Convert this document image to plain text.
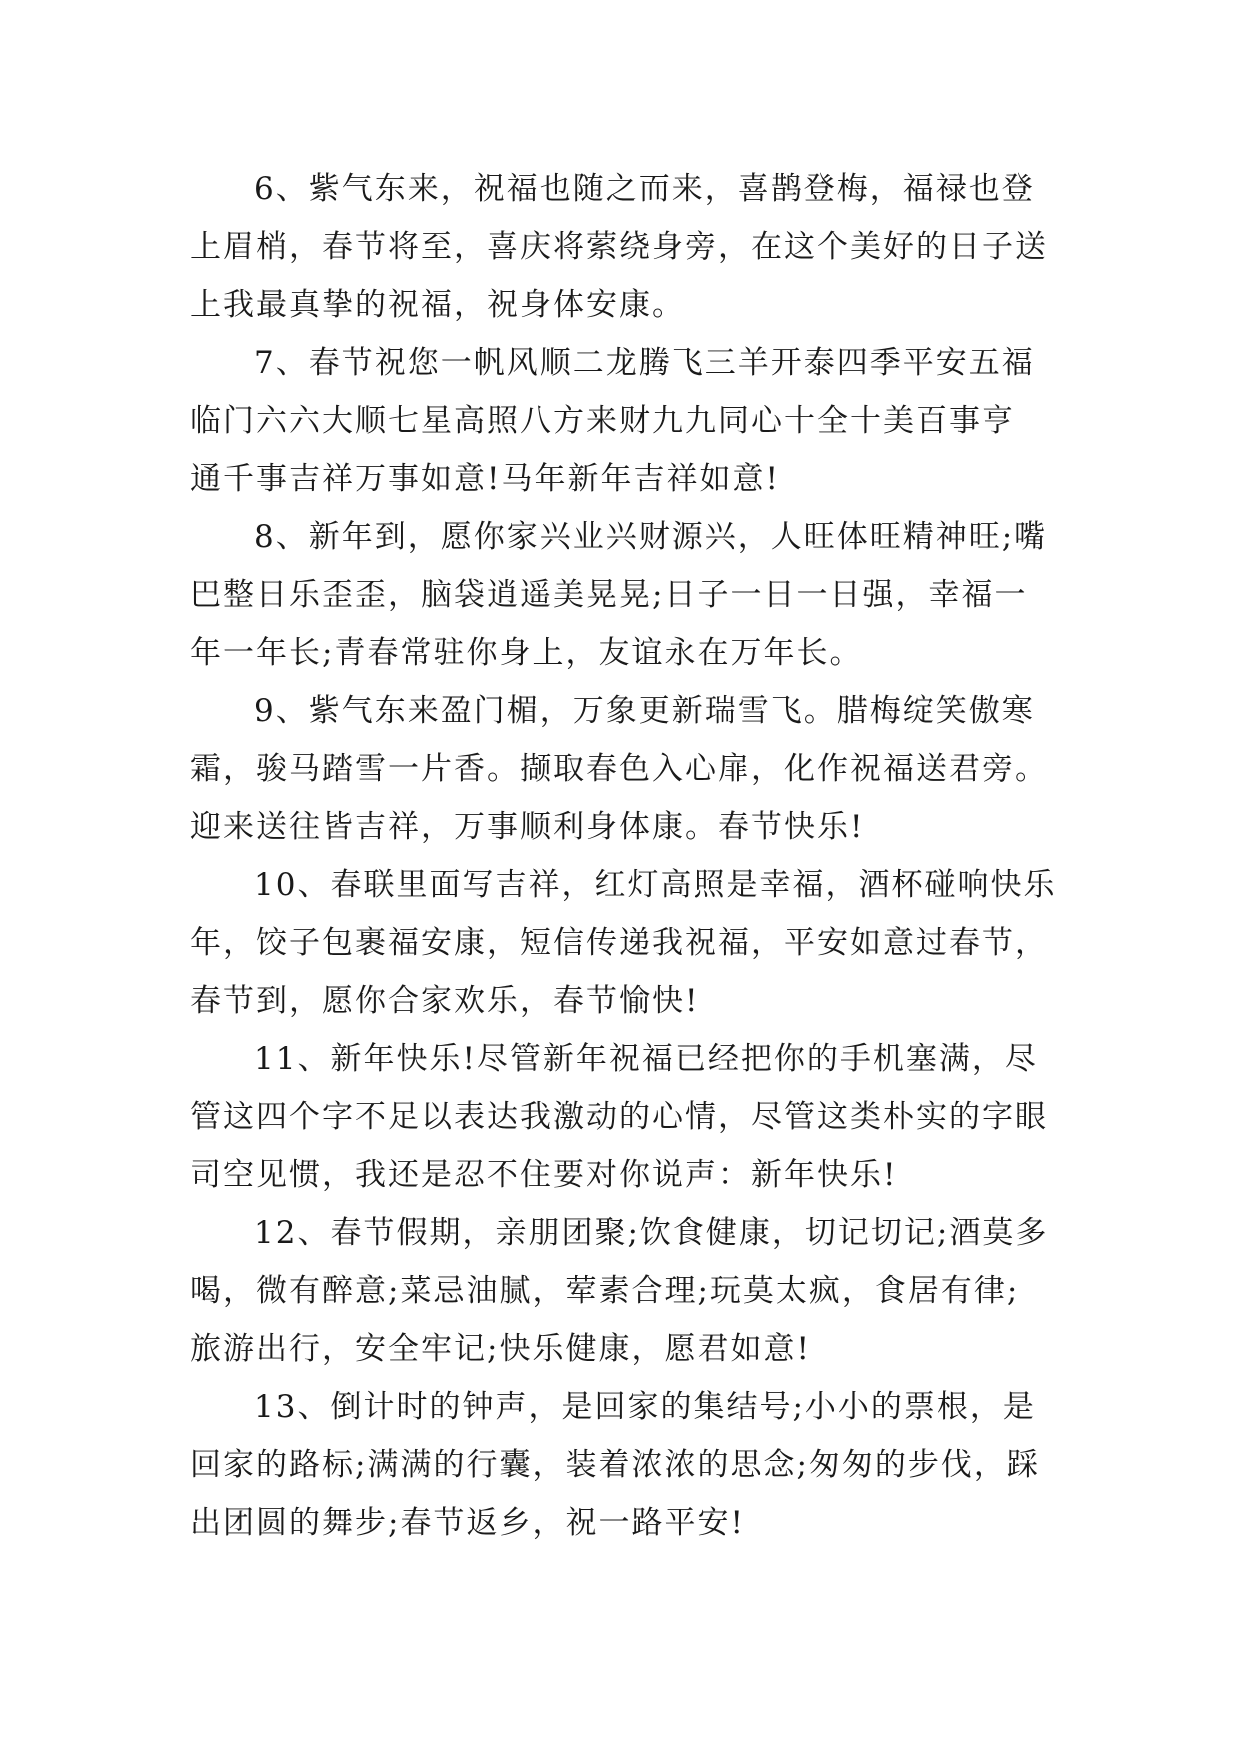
6、紫气东来，祝福也随之而来，喜鹊登梅，福禄也登
上眉梢，春节将至，喜庆将萦绕身旁，在这个美好的日子送
上我最真挚的祝福，祝身体安康。

7、春节祝您一帆风顺二龙腾飞三羊开泰四季平安五福
临门六六大顺七星高照八方来财九九同心十全十美百事亨
通千事吉祥万事如意!马年新年吉祥如意!

8、新年到，愿你家兴业兴财源兴，人旺体旺精神旺;嘴
巴整日乐歪歪，脑袋逍遥美晃晃;日子一日一日强，幸福一
年一年长;青春常驻你身上，友谊永在万年长。

9、紫气东来盈门楣，万象更新瑞雪飞。腊梅绽笑傲寒
霜，骏马踏雪一片香。撷取春色入心扉，化作祝福送君旁。
迎来送往皆吉祥，万事顺利身体康。春节快乐!

10、春联里面写吉祥，红灯高照是幸福，酒杯碰响快乐
年，饺子包裹福安康，短信传递我祝福，平安如意过春节，
春节到，愿你合家欢乐，春节愉快!

11、新年快乐!尽管新年祝福已经把你的手机塞满，尽
管这四个字不足以表达我激动的心情，尽管这类朴实的字眼
司空见惯，我还是忍不住要对你说声：新年快乐!

12、春节假期，亲朋团聚;饮食健康，切记切记;酒莫多
喝，微有醉意;菜忌油腻，荤素合理;玩莫太疯，食居有律;
旅游出行，安全牢记;快乐健康，愿君如意!

13、倒计时的钟声，是回家的集结号;小小的票根，是
回家的路标;满满的行囊，装着浓浓的思念;匆匆的步伐，踩
出团圆的舞步;春节返乡，祝一路平安!
